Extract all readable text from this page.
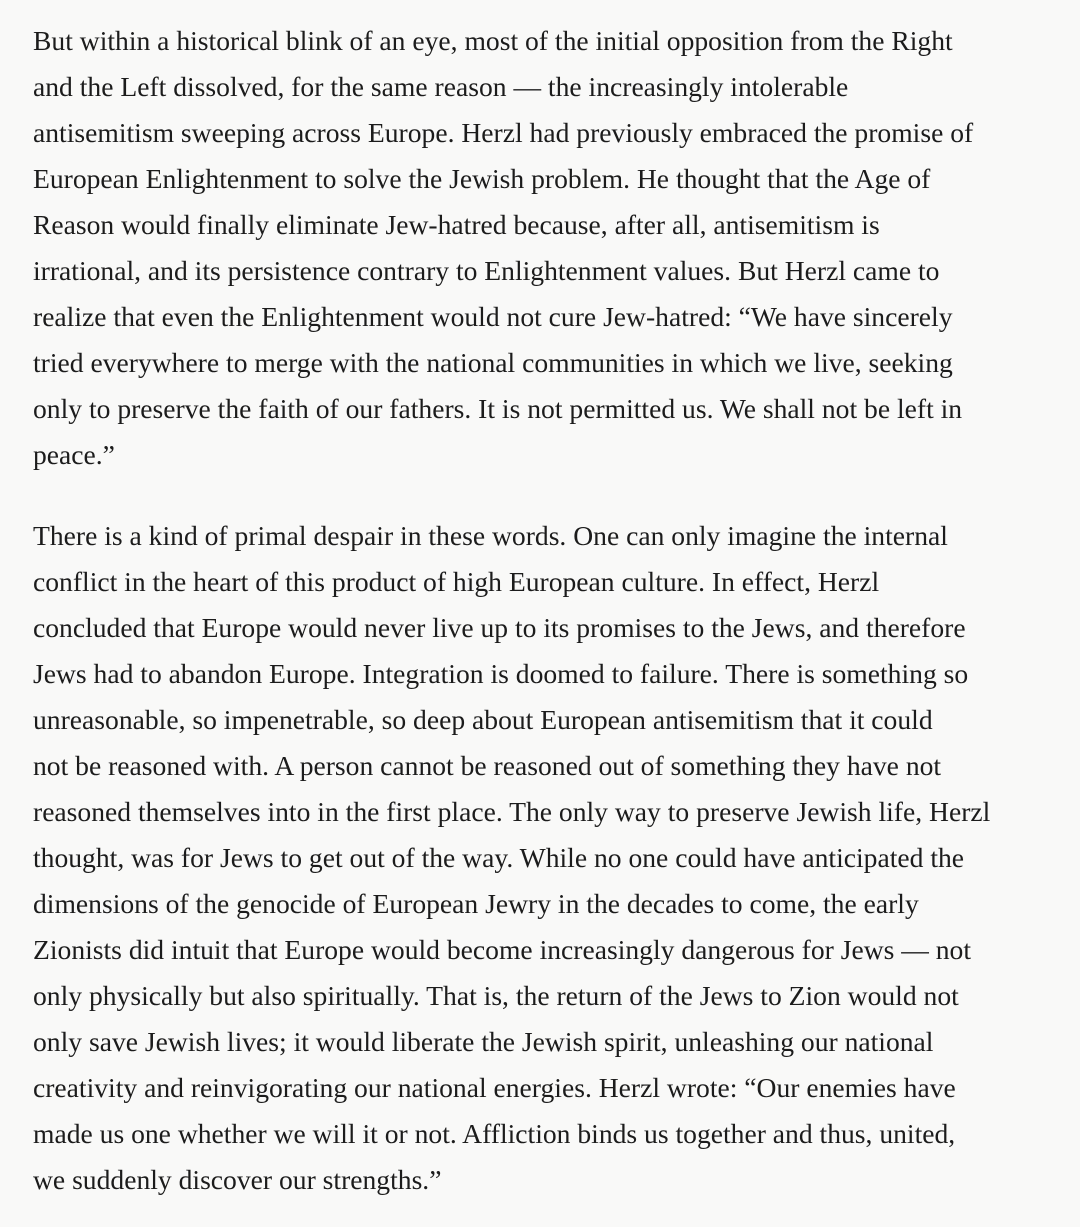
But within a historical blink of an eye, most of the initial opposition from the Right
and the Left dissolved, for the same reason — the increasingly intolerable
antisemitism sweeping across Europe. Herzl had previously embraced the promise of
European Enlightenment to solve the Jewish problem. He thought that the Age of
Reason would finally eliminate Jew-hatred because, after all, antisemitism is
irrational, and its persistence contrary to Enlightenment values. But Herzl came to
realize that even the Enlightenment would not cure Jew-hatred: “We have sincerely
tried everywhere to merge with the national communities in which we live, seeking
only to preserve the faith of our fathers. It is not permitted us. We shall not be left in
peace.”

There is a kind of primal despair in these words. One can only imagine the internal
conflict in the heart of this product of high European culture. In effect, Herzl
concluded that Europe would never live up to its promises to the Jews, and therefore
Jews had to abandon Europe. Integration is doomed to failure. There is something so
unreasonable, so impenetrable, so deep about European antisemitism that it could
not be reasoned with. A person cannot be reasoned out of something they have not
reasoned themselves into in the first place. The only way to preserve Jewish life, Herzl
thought, was for Jews to get out of the way. While no one could have anticipated the
dimensions of the genocide of European Jewry in the decades to come, the early
Zionists did intuit that Europe would become increasingly dangerous for Jews — not
only physically but also spiritually. That is, the return of the Jews to Zion would not
only save Jewish lives; it would liberate the Jewish spirit, unleashing our national
creativity and reinvigorating our national energies. Herzl wrote: “Our enemies have
made us one whether we will it or not. Affliction binds us together and thus, united,
we suddenly discover our strengths.”
